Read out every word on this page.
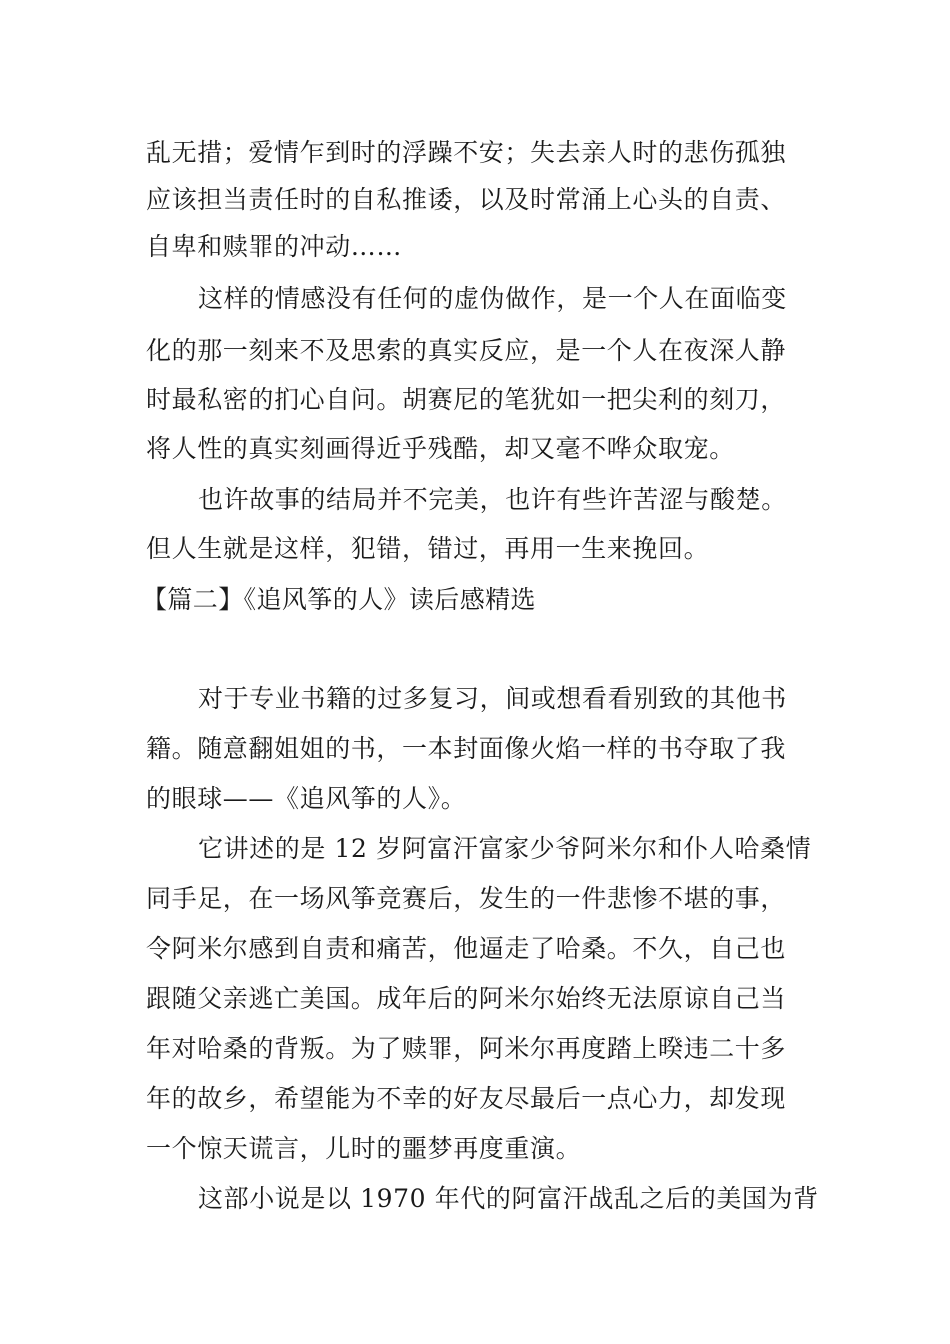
乱无措；爱情乍到时的浮躁不安；失去亲人时的悲伤孤独
应该担当责任时的自私推诿，以及时常涌上心头的自责、
自卑和赎罪的冲动……
这样的情感没有任何的虚伪做作，是一个人在面临变
化的那一刻来不及思索的真实反应，是一个人在夜深人静
时最私密的扪心自问。胡赛尼的笔犹如一把尖利的刻刀，
将人性的真实刻画得近乎残酷，却又毫不哗众取宠。
也许故事的结局并不完美，也许有些许苦涩与酸楚。
但人生就是这样，犯错，错过，再用一生来挽回。
【篇二】《追风筝的人》读后感精选
对于专业书籍的过多复习，间或想看看别致的其他书
籍。随意翻姐姐的书，一本封面像火焰一样的书夺取了我
的眼球——《追风筝的人》。
它讲述的是 12 岁阿富汗富家少爷阿米尔和仆人哈桑情
同手足，在一场风筝竞赛后，发生的一件悲惨不堪的事，
令阿米尔感到自责和痛苦，他逼走了哈桑。不久，自己也
跟随父亲逃亡美国。成年后的阿米尔始终无法原谅自己当
年对哈桑的背叛。为了赎罪，阿米尔再度踏上暌违二十多
年的故乡，希望能为不幸的好友尽最后一点心力，却发现
一个惊天谎言，儿时的噩梦再度重演。
这部小说是以 1970 年代的阿富汗战乱之后的美国为背
